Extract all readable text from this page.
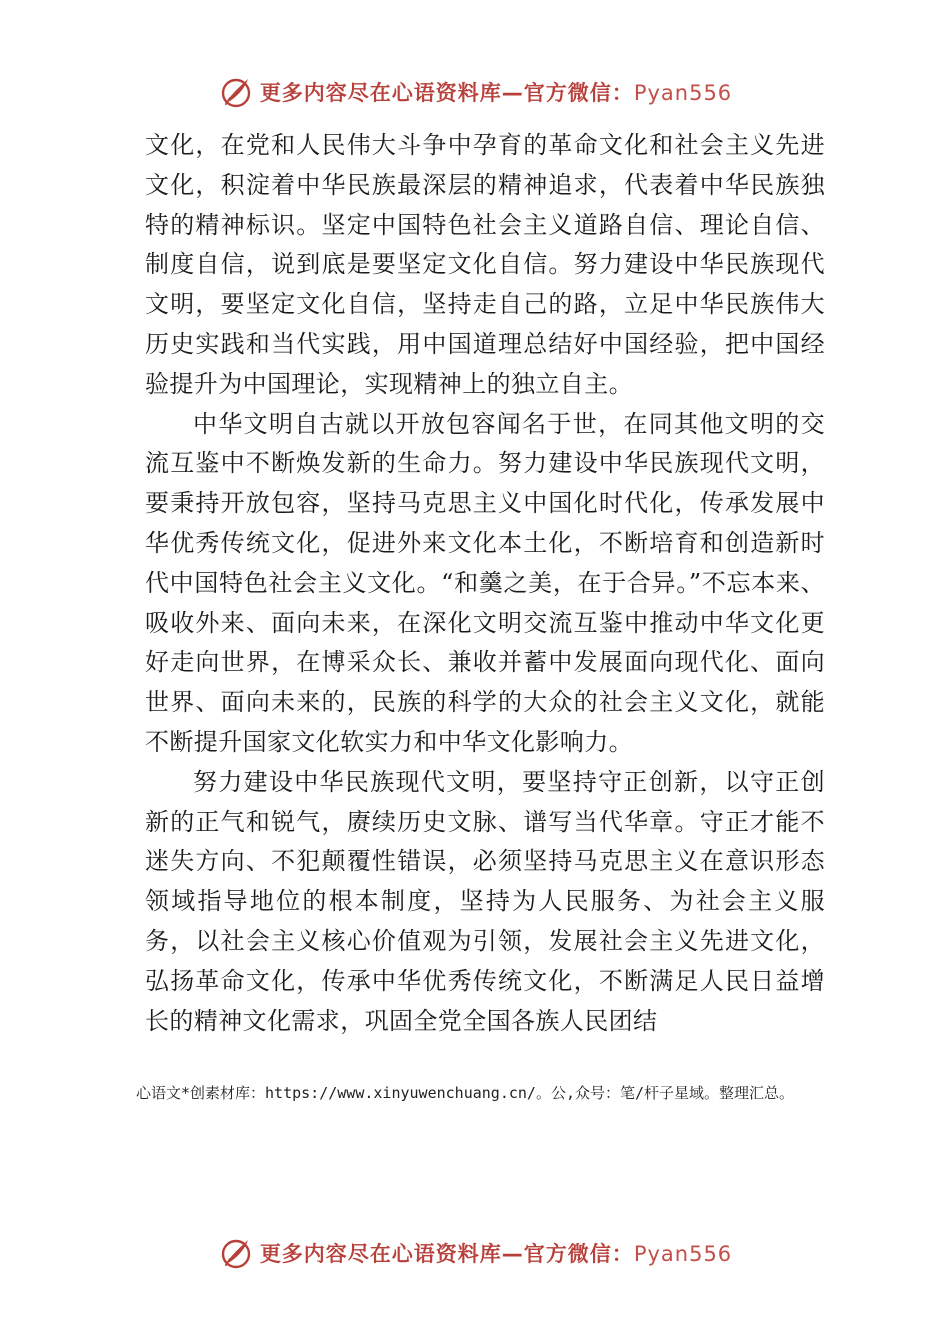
更多内容尽在心语资料库—官方微信：Pyan556

文化，在党和人民伟大斗争中孕育的革命文化和社会主义先进文化，积淀着中华民族最深层的精神追求，代表着中华民族独特的精神标识。坚定中国特色社会主义道路自信、理论自信、制度自信，说到底是要坚定文化自信。努力建设中华民族现代文明，要坚定文化自信，坚持走自己的路，立足中华民族伟大历史实践和当代实践，用中国道理总结好中国经验，把中国经验提升为中国理论，实现精神上的独立自主。

中华文明自古就以开放包容闻名于世，在同其他文明的交流互鉴中不断焕发新的生命力。努力建设中华民族现代文明，要秉持开放包容，坚持马克思主义中国化时代化，传承发展中华优秀传统文化，促进外来文化本土化，不断培育和创造新时代中国特色社会主义文化。“和羹之美，在于合异。”不忘本来、吸收外来、面向未来，在深化文明交流互鉴中推动中华文化更好走向世界，在博采众长、兼收并蓄中发展面向现代化、面向世界、面向未来的，民族的科学的大众的社会主义文化，就能不断提升国家文化软实力和中华文化影响力。

努力建设中华民族现代文明，要坚持守正创新，以守正创新的正气和锐气，赓续历史文脉、谱写当代华章。守正才能不迷失方向、不犯颠覆性错误，必须坚持马克思主义在意识形态领域指导地位的根本制度，坚持为人民服务、为社会主义服务，以社会主义核心价值观为引领，发展社会主义先进文化，弘扬革命文化，传承中华优秀传统文化，不断满足人民日益增长的精神文化需求，巩固全党全国各族人民团结

心语文*创素材库：https://www.xinyuwenchuang.cn/。公,众号：笔/杆子星域。整理汇总。
更多内容尽在心语资料库—官方微信：Pyan556
